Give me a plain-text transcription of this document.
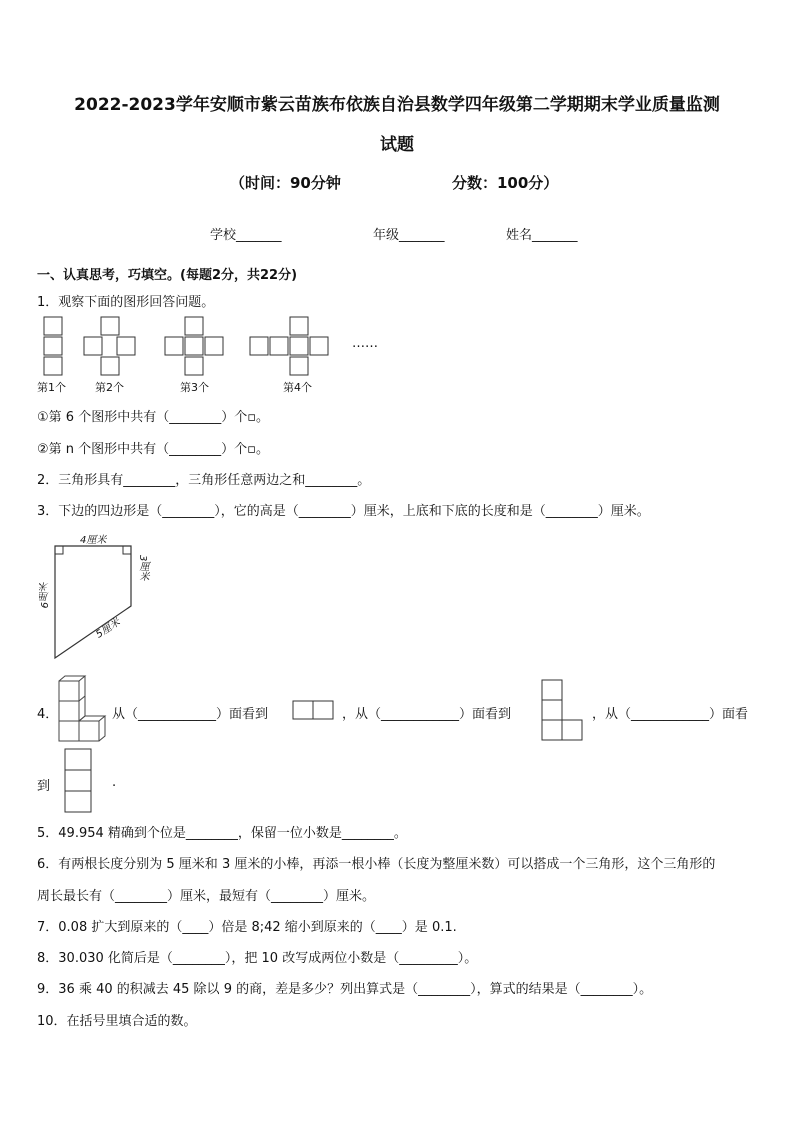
2022-2023学年安顺市紫云苗族布依族自治县数学四年级第二学期期末学业质量监测
试题
（时间：90分钟	分数：100分）
学校_______	年级_______	姓名_______
一、认真思考，巧填空。(每题2分，共22分)
1．观察下面的图形回答问题。
……
第1个	第2个	第3个	第4个
①第 6 个图形中共有（________）个▫。
②第 n 个图形中共有（________）个▫。
2．三角形具有________，三角形任意两边之和________。
3．下边的四边形是（________），它的高是（________）厘米，上底和下底的长度和是（________）厘米。
4厘米
3厘米
6厘米
5厘米
4．	从（____________）面看到	，从（____________）面看到	，从（____________）面看
到	.
5．49.954 精确到个位是________，保留一位小数是________。
6．有两根长度分别为 5 厘米和 3 厘米的小棒，再添一根小棒（长度为整厘米数）可以搭成一个三角形，这个三角形的
周长最长有（________）厘米，最短有（________）厘米。
7．0.08 扩大到原来的（____）倍是 8;42 缩小到原来的（____）是 0.1.
8．30.030 化简后是（________），把 10 改写成两位小数是（_________）。
9．36 乘 40 的积减去 45 除以 9 的商，差是多少？列出算式是（________），算式的结果是（________）。
10．在括号里填合适的数。
